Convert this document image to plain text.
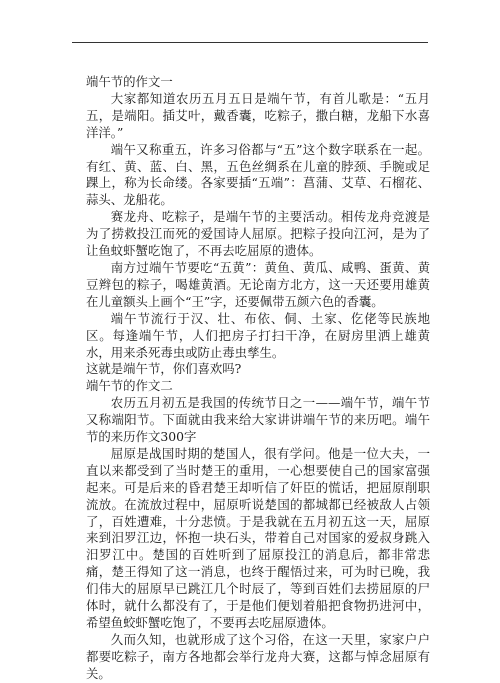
端午节的作文一

大家都知道农历五月五日是端午节，有首儿歌是：“五月五，是端阳。插艾叶，戴香囊，吃粽子，撒白糖，龙船下水喜洋洋。”

端午又称重五，许多习俗都与“五”这个数字联系在一起。有红、黄、蓝、白、黑，五色丝绸系在儿童的脖颈、手腕或足踝上，称为长命缕。各家要插“五端”：菖蒲、艾草、石榴花、蒜头、龙船花。

赛龙舟、吃粽子，是端午节的主要活动。相传龙舟竞渡是为了捞救投江而死的爱国诗人屈原。把粽子投向江河，是为了让鱼蚊虾蟹吃饱了，不再去吃屈原的遗体。

南方过端午节要吃“五黄”：黄鱼、黄瓜、咸鸭、蛋黄、黄豆辫包的粽子，喝雄黄酒。无论南方北方，这一天还要用雄黄在儿童额头上画个“王”字，还要佩带五颜六色的香囊。

端午节流行于汉、壮、布依、侗、土家、仡佬等民族地区。每逢端午节，人们把房子打扫干净，在厨房里洒上雄黄水，用来杀死毒虫或防止毒虫孳生。

这就是端午节，你们喜欢吗?
端午节的作文二

农历五月初五是我国的传统节日之一——端午节，端午节又称端阳节。下面就由我来给大家讲讲端午节的来历吧。端午节的来历作文300字

屈原是战国时期的楚国人，很有学问。他是一位大夫，一直以来都受到了当时楚王的重用，一心想要使自己的国家富强起来。可是后来的昏君楚王却听信了奸臣的慌话，把屈原削职流放。在流放过程中，屈原听说楚国的都城都已经被敌人占领了，百姓遭难，十分悲愤。于是我就在五月初五这一天，屈原来到汨罗江边，怀抱一块石头，带着自己对国家的爱叔身跳入汨罗江中。楚国的百姓听到了屈原投江的消息后，都非常悲痛，楚王得知了这一消息，也终于醒悟过来，可为时已晚，我们伟大的屈原早已跳江几个时辰了，等到百姓们去捞屈原的尸体时，就什么都没有了，于是他们便划着船把食物扔进河中，希望鱼蛟虾蟹吃饱了，不要再去吃屈原遗体。

久而久知，也就形成了这个习俗，在这一天里，家家户户都要吃粽子，南方各地都会举行龙舟大赛，这都与悼念屈原有关。
